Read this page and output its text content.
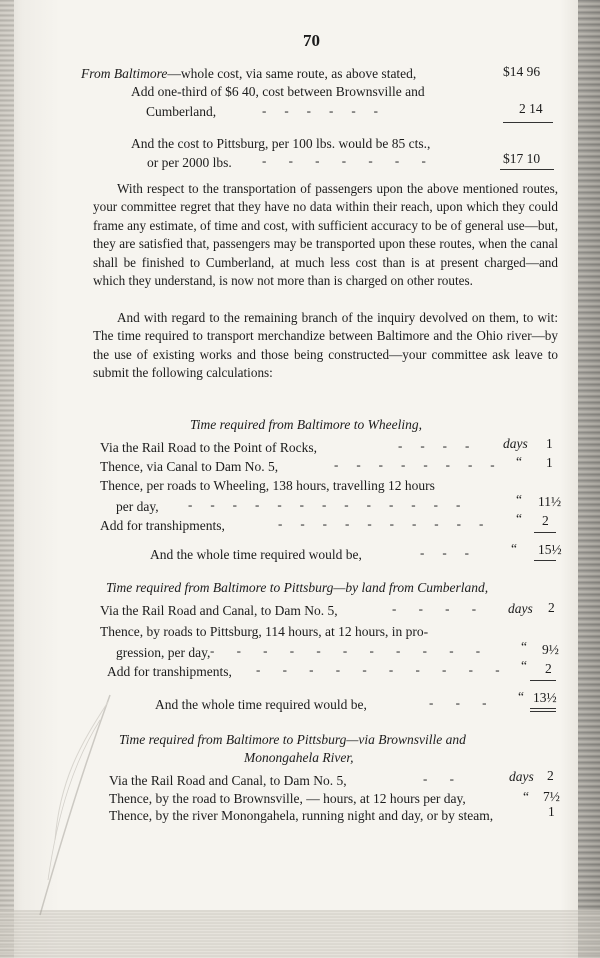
70
From Baltimore—whole cost, via same route, as above stated,	$14 96
Add one-third of $6 40, cost between Brownsville and
Cumberland,	-    -    -    -    -    -	2 14
And the cost to Pittsburg, per 100 lbs. would be 85 cts.,
or per 2000 lbs. -     -     -     -     -     -     -	$17 10
With respect to the transportation of passengers upon the above mentioned routes, your committee regret that they have no data within their reach, upon which they could frame any estimate, of time and cost, with sufficient accuracy to be of general use—but, they are satisfied that, passengers may be transported upon these routes, when the canal shall be finished to Cumberland, at much less cost than is at present charged—and which they understand, is now not more than is charged on other routes.
And with regard to the remaining branch of the inquiry devolved on them, to wit: The time required to transport merchandize between Baltimore and the Ohio river—by the use of existing works and those being constructed—your committee ask leave to submit the following calculations:
Time required from Baltimore to Wheeling,
Via the Rail Road to the Point of Rocks,	-    -    -    - days 1
Thence, via Canal to Dam No. 5,	-    -    -    -    -    -    -    - “ 1
Thence, per roads to Wheeling, 138 hours, travelling 12 hours
per day, -    -    -    -    -    -    -    -    -    -    -    -    -	“ 11½
Add for transhipments,	-    -    -    -    -    -    -    -    -    - “ 2
And the whole time required would be,	-    -    -	“ 15½
Time required from Baltimore to Pittsburg—by land from Cumberland,
Via the Rail Road and Canal, to Dam No. 5,	-     -     -     - days 2
Thence, by roads to Pittsburg, 114 hours, at 12 hours, in pro-
gression, per day, -     -     -     -     -     -     -     -     -     -     -	“ 9½
Add for transhipments, -     -     -     -     -     -     -     -     -     - “ 2
And the whole time required would be,	-     -     - “ 13½
Time required from Baltimore to Pittsburg—via Brownsville and
Monongahela River,
Via the Rail Road and Canal, to Dam No. 5,	-     -	days 2
Thence, by the road to Brownsville, — hours, at 12 hours per day,	“ 7½
Thence, by the river Monongahela, running night and day, or by steam,	1
